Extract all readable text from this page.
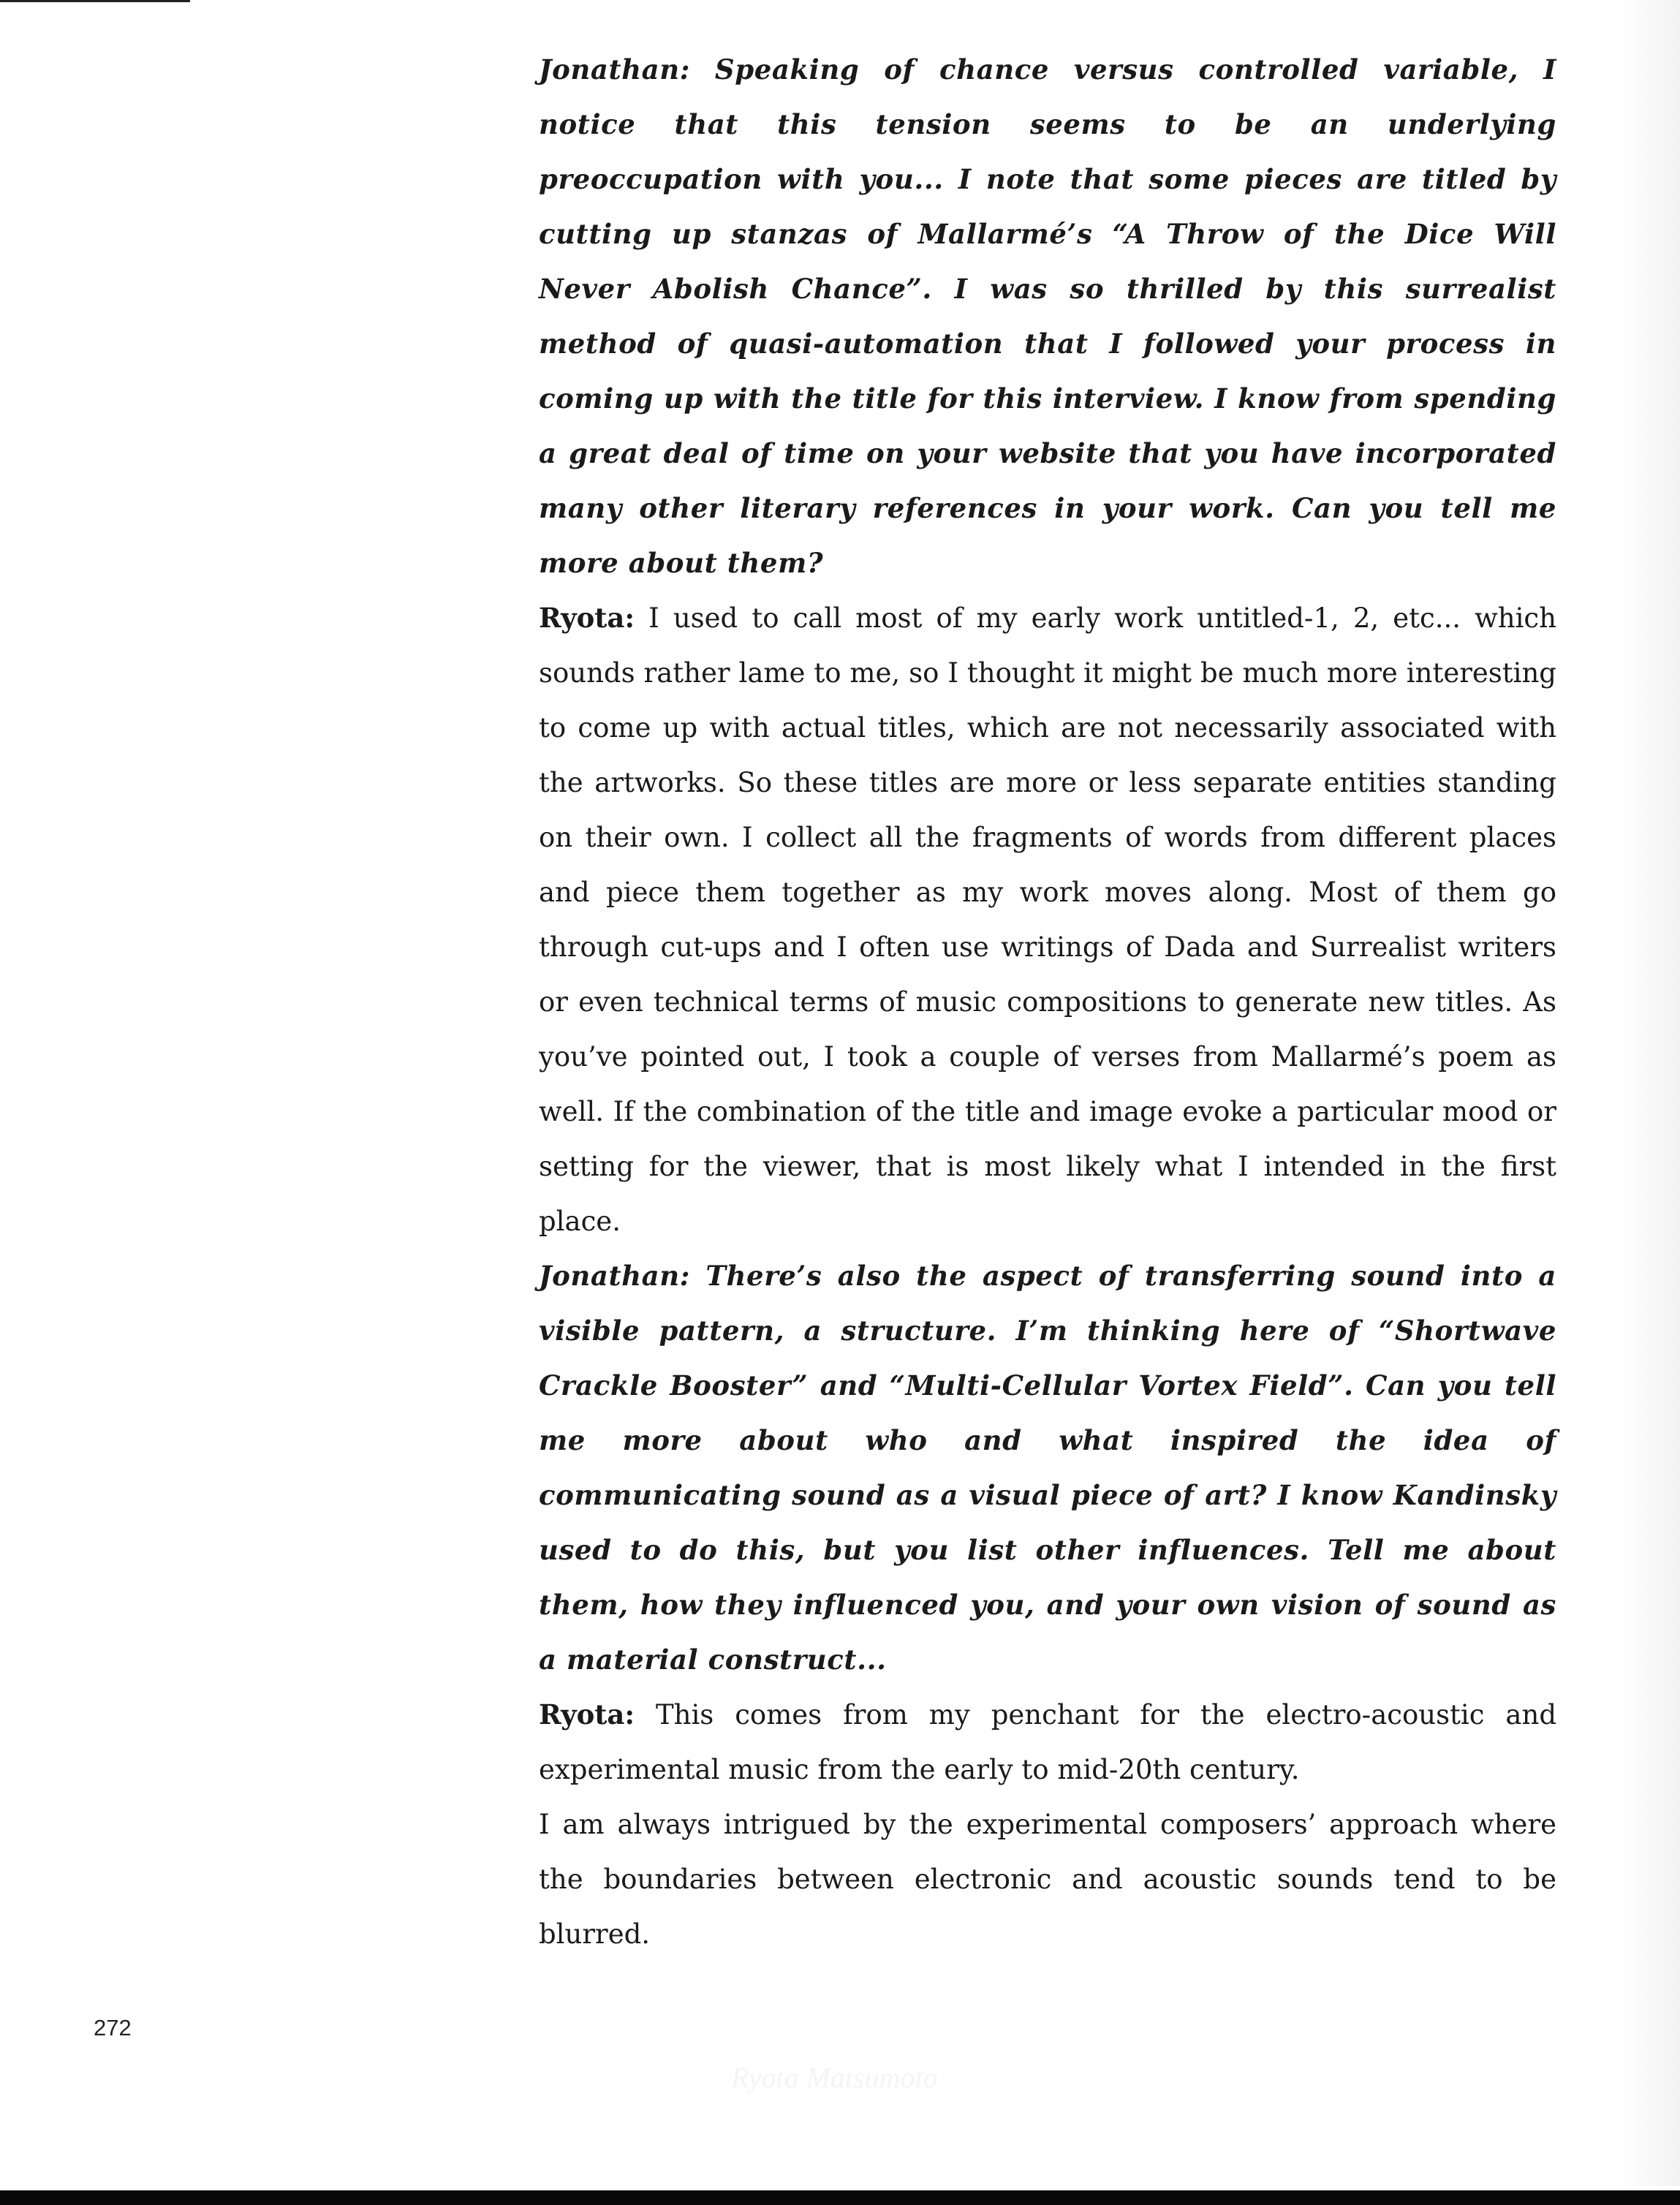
Jonathan: Speaking of chance versus controlled variable, I notice that this tension seems to be an underlying preoccupation with you... I note that some pieces are titled by cutting up stanzas of Mallarmé’s “A Throw of the Dice Will Never Abolish Chance”. I was so thrilled by this surrealist method of quasi-automation that I followed your process in coming up with the title for this interview. I know from spending a great deal of time on your website that you have incorporated many other literary references in your work. Can you tell me more about them?

Ryota: I used to call most of my early work untitled-1, 2, etc... which sounds rather lame to me, so I thought it might be much more interesting to come up with actual titles, which are not necessarily associated with the artworks. So these titles are more or less separate entities standing on their own. I collect all the fragments of words from different places and piece them together as my work moves along. Most of them go through cut-ups and I often use writings of Dada and Surrealist writers or even technical terms of music compositions to generate new titles. As you’ve pointed out, I took a couple of verses from Mallarmé’s poem as well. If the combination of the title and image evoke a particular mood or setting for the viewer, that is most likely what I intended in the first place.

Jonathan: There’s also the aspect of transferring sound into a visible pattern, a structure. I’m thinking here of “Shortwave Crackle Booster” and “Multi-Cellular Vortex Field”. Can you tell me more about who and what inspired the idea of communicating sound as a visual piece of art? I know Kandinsky used to do this, but you list other influences. Tell me about them, how they influenced you, and your own vision of sound as a material construct...

Ryota: This comes from my penchant for the electro-acoustic and experimental music from the early to mid-20th century.

I am always intrigued by the experimental composers’ approach where the boundaries between electronic and acoustic sounds tend to be blurred.

272
Ryota Matsumoto
